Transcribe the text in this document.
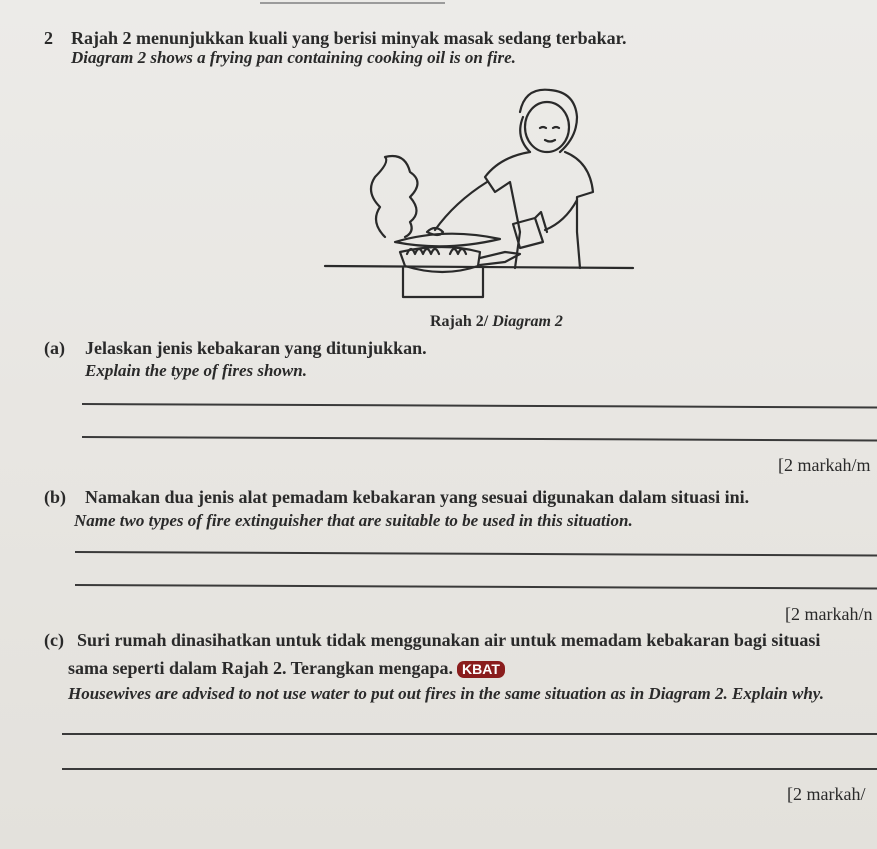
2 Rajah 2 menunjukkan kuali yang berisi minyak masak sedang terbakar.
Diagram 2 shows a frying pan containing cooking oil is on fire.
Rajah 2/ Diagram 2
(a) Jelaskan jenis kebakaran yang ditunjukkan.
Explain the type of fires shown.
[2 markah/m
(b) Namakan dua jenis alat pemadam kebakaran yang sesuai digunakan dalam situasi ini.
Name two types of fire extinguisher that are suitable to be used in this situation.
[2 markah/n
(c) Suri rumah dinasihatkan untuk tidak menggunakan air untuk memadam kebakaran bagi situasi
sama seperti dalam Rajah 2. Terangkan mengapa. KBAT
Housewives are advised to not use water to put out fires in the same situation as in Diagram 2. Explain why.
[2 markah/
